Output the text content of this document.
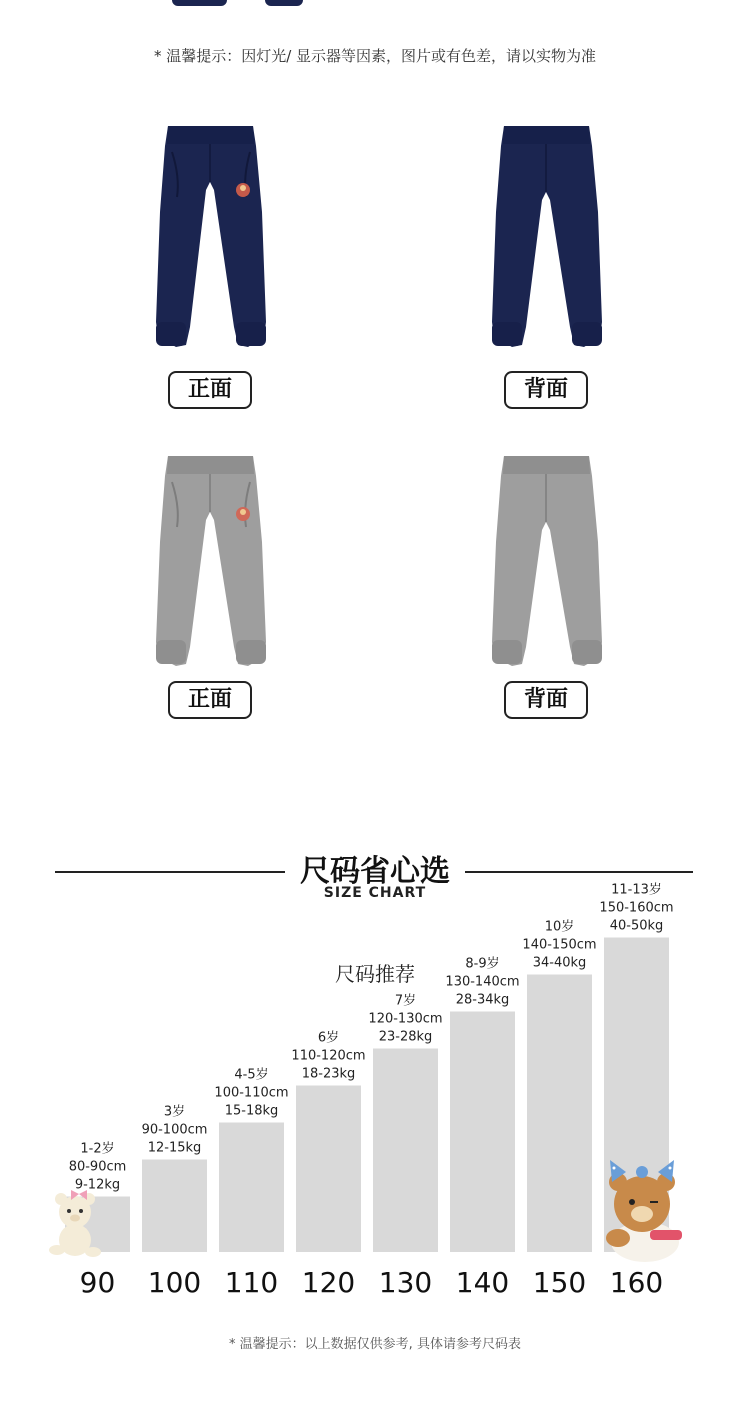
* 温馨提示：因灯光/ 显示器等因素，图片或有色差，请以实物为准
正面	背面
正面	背面
尺码省心选
SIZE CHART
尺码推荐
90
1-2岁
80-90cm
9-12kg
100
3岁
90-100cm
12-15kg
110
4-5岁
100-110cm
15-18kg
120
6岁
110-120cm
18-23kg
130
7岁
120-130cm
23-28kg
140
8-9岁
130-140cm
28-34kg
150
10岁
140-150cm
34-40kg
160
11-13岁
150-160cm
40-50kg
* 温馨提示：以上数据仅供参考, 具体请参考尺码表
